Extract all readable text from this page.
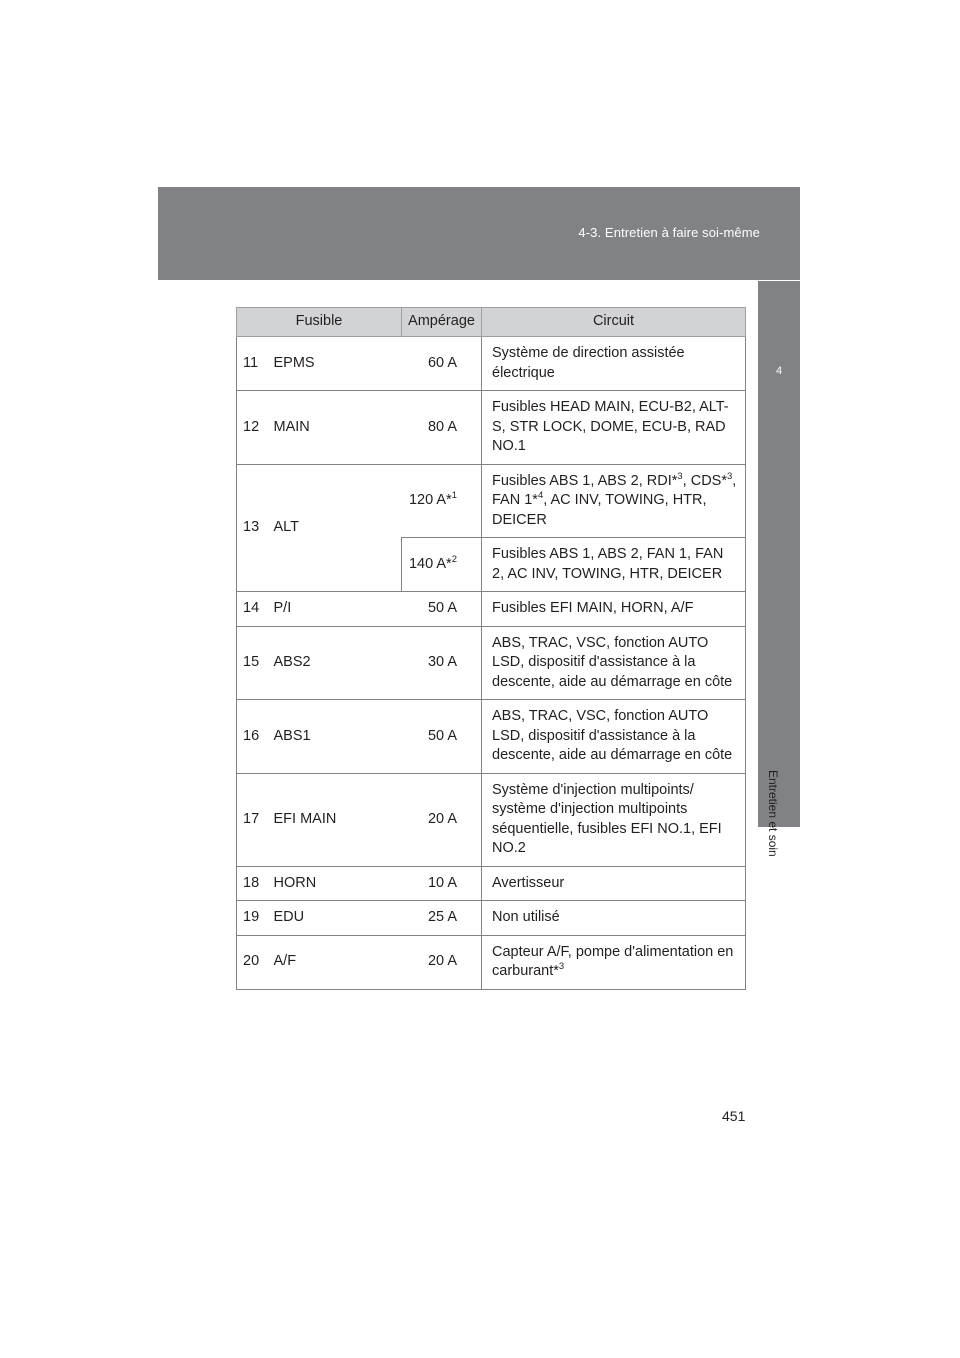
4-3. Entretien à faire soi-même
4
Entretien et soin
Fusible		Ampérage	Circuit
11	EPMS	60 A	Système de direction assistée électrique
12	MAIN	80 A	Fusibles HEAD MAIN, ECU-B2, ALT-S, STR LOCK, DOME, ECU-B, RAD NO.1
13	ALT	120 A*$^1$	Fusibles ABS 1, ABS 2, RDI*$^3$, CDS*$^3$, FAN 1*$^4$, AC INV, TOWING, HTR, DEICER
		140 A*$^2$	Fusibles ABS 1, ABS 2, FAN 1, FAN 2, AC INV, TOWING, HTR, DEICER
14	P/I	50 A	Fusibles EFI MAIN, HORN, A/F
15	ABS2	30 A	ABS, TRAC, VSC, fonction AUTO LSD, dispositif d'assistance à la descente, aide au démarrage en côte
16	ABS1	50 A	ABS, TRAC, VSC, fonction AUTO LSD, dispositif d'assistance à la descente, aide au démarrage en côte
17	EFI MAIN	20 A	Système d'injection multipoints/ système d'injection multipoints séquentielle, fusibles EFI NO.1, EFI NO.2
18	HORN	10 A	Avertisseur
19	EDU	25 A	Non utilisé
20	A/F	20 A	Capteur A/F, pompe d'alimentation en carburant*$^3$
451
